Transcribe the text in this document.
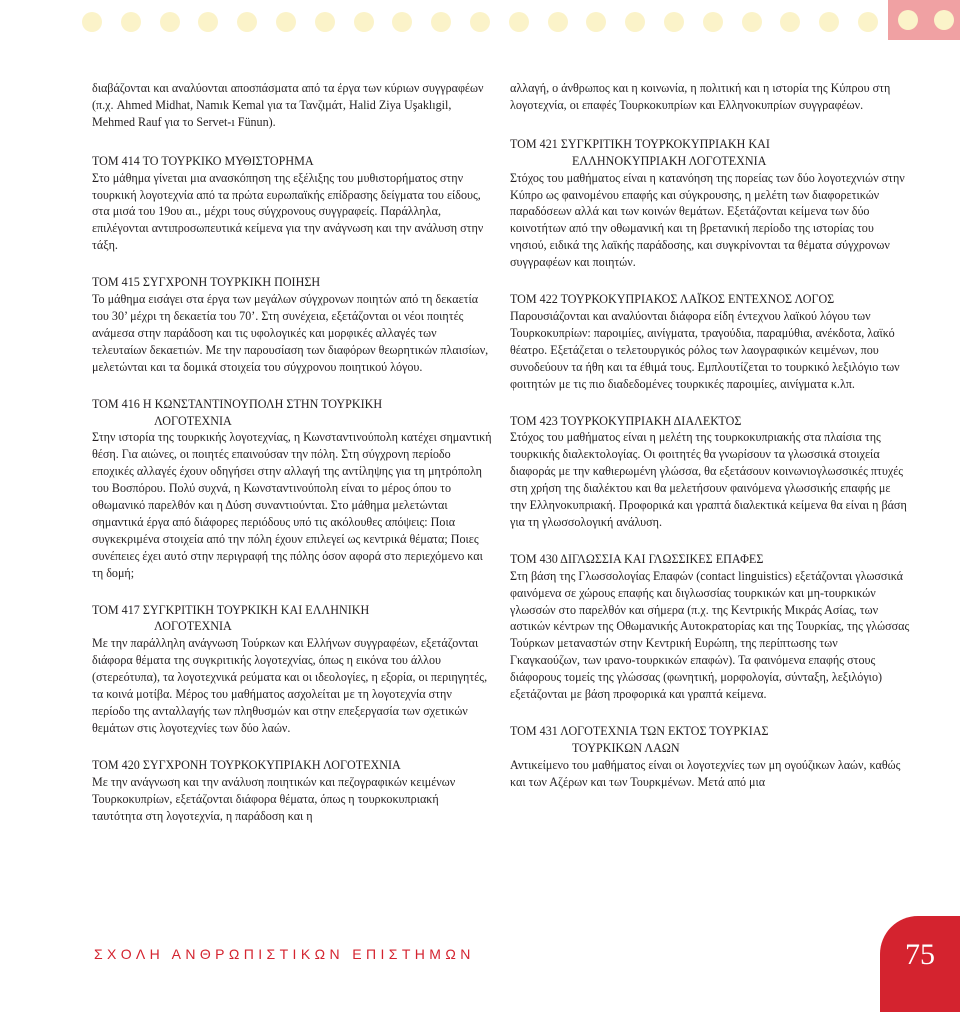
διαβάζονται και αναλύονται αποσπάσματα από τα έργα των κύριων συγγραφέων (π.χ. Ahmed Midhat, Namık Kemal για τα Τανζιμάτ, Halid Ziya Uşaklıgil, Mehmed Rauf για το Servet-ı Fünun).

ΤΟΜ 414 ΤΟ ΤΟΥΡΚΙΚΟ ΜΥΘΙΣΤΟΡΗΜΑ

Στο μάθημα γίνεται μια ανασκόπηση της εξέλιξης του μυθιστορήματος στην τουρκική λογοτεχνία από τα πρώτα ευρωπαϊκής επίδρασης δείγματα του είδους, στα μισά του 19ου αι., μέχρι τους σύγχρονους συγγραφείς. Παράλληλα, επιλέγονται αντιπροσωπευτικά κείμενα για την ανάγνωση και την ανάλυση στην τάξη.

ΤΟΜ 415 ΣΥΓΧΡΟΝΗ ΤΟΥΡΚΙΚΗ ΠΟΙΗΣΗ

Το μάθημα εισάγει στα έργα των μεγάλων σύγχρονων ποιητών από τη δεκαετία του 30’ μέχρι τη δεκαετία του 70’. Στη συνέχεια, εξετάζονται οι νέοι ποιητές ανάμεσα στην παράδοση και τις υφολογικές και μορφικές αλλαγές των τελευταίων δεκαετιών. Με την παρουσίαση των διαφόρων θεωρητικών πλαισίων, μελετώνται και τα δομικά στοιχεία του σύγχρονου ποιητικού λόγου.

ΤΟΜ 416 Η ΚΩΝΣΤΑΝΤΙΝΟΥΠΟΛΗ ΣΤΗΝ ΤΟΥΡΚΙΚΗ
ΛΟΓΟΤΕΧΝΙΑ

Στην ιστορία της τουρκικής λογοτεχνίας, η Κωνσταντινούπολη κατέχει σημαντική θέση. Για αιώνες, οι ποιητές επαινούσαν την πόλη. Στη σύγχρονη περίοδο εποχικές αλλαγές έχουν οδηγήσει στην αλλαγή της αντίληψης για τη μητρόπολη του Βοσπόρου. Πολύ συχνά, η Κωνσταντινούπολη είναι το μέρος όπου το οθωμανικό παρελθόν και η Δύση συναντιούνται. Στο μάθημα μελετώνται σημαντικά έργα από διάφορες περιόδους υπό τις ακόλουθες απόψεις: Ποια συγκεκριμένα στοιχεία από την πόλη έχουν επιλεγεί ως κεντρικά θέματα; Ποιες συνέπειες έχει αυτό στην περιγραφή της πόλης όσον αφορά στο περιεχόμενο και τη δομή;

ΤΟΜ 417 ΣΥΓΚΡΙΤΙΚΗ ΤΟΥΡΚΙΚΗ ΚΑΙ ΕΛΛΗΝΙΚΗ
ΛΟΓΟΤΕΧΝΙΑ

Με την παράλληλη ανάγνωση Τούρκων και Ελλήνων συγγραφέων, εξετάζονται διάφορα θέματα της συγκριτικής λογοτεχνίας, όπως η εικόνα του άλλου (στερεότυπα), τα λογοτεχνικά ρεύματα και οι ιδεολογίες, η εξορία, οι περιηγητές, τα κοινά μοτίβα. Μέρος του μαθήματος ασχολείται με τη λογοτεχνία στην περίοδο της ανταλλαγής των πληθυσμών και στην επεξεργασία των σχετικών θεμάτων στις λογοτεχνίες των δύο λαών.

ΤΟΜ 420 ΣΥΓΧΡΟΝΗ ΤΟΥΡΚΟΚΥΠΡΙΑΚΗ ΛΟΓΟΤΕΧΝΙΑ

Με την ανάγνωση και την ανάλυση ποιητικών και πεζογραφικών κειμένων Τουρκοκυπρίων, εξετάζονται διάφορα θέματα, όπως η τουρκοκυπριακή ταυτότητα στη λογοτεχνία, η παράδοση και η

αλλαγή, ο άνθρωπος και η κοινωνία, η πολιτική και η ιστορία της Κύπρου στη λογοτεχνία, οι επαφές Τουρκοκυπρίων και Ελληνοκυπρίων συγγραφέων.

ΤΟΜ 421 ΣΥΓΚΡΙΤΙΚΗ ΤΟΥΡΚΟΚΥΠΡΙΑΚΗ ΚΑΙ
ΕΛΛΗΝΟΚΥΠΡΙΑΚΗ ΛΟΓΟΤΕΧΝΙΑ

Στόχος του μαθήματος είναι η κατανόηση της πορείας των δύο λογοτεχνιών στην Κύπρο ως φαινομένου επαφής και σύγκρουσης, η μελέτη των διαφορετικών παραδόσεων αλλά και των κοινών θεμάτων. Εξετάζονται κείμενα των δύο κοινοτήτων από την οθωμανική και τη βρετανική περίοδο της ιστορίας του νησιού, ειδικά της λαϊκής παράδοσης, και συγκρίνονται τα θέματα σύγχρονων συγγραφέων και ποιητών.

ΤΟΜ 422 ΤΟΥΡΚΟΚΥΠΡΙΑΚΟΣ ΛΑΪΚΟΣ ΕΝΤΕΧΝΟΣ ΛΟΓΟΣ

Παρουσιάζονται και αναλύονται διάφορα είδη έντεχνου λαϊκού λόγου των Τουρκοκυπρίων: παροιμίες, αινίγματα, τραγούδια, παραμύθια, ανέκδοτα, λαϊκό θέατρο. Εξετάζεται ο τελετουργικός ρόλος των λαογραφικών κειμένων, που συνοδεύουν τα ήθη και τα έθιμά τους. Εμπλουτίζεται το τουρκικό λεξιλόγιο των φοιτητών με τις πιο διαδεδομένες τουρκικές παροιμίες, αινίγματα κ.λπ.

ΤΟΜ 423 ΤΟΥΡΚΟΚΥΠΡΙΑΚΗ ΔΙΑΛΕΚΤΟΣ

Στόχος του μαθήματος είναι η μελέτη της τουρκοκυπριακής στα πλαίσια της τουρκικής διαλεκτολογίας. Οι φοιτητές θα γνωρίσουν τα γλωσσικά στοιχεία διαφοράς με την καθιερωμένη γλώσσα, θα εξετάσουν κοινωνιογλωσσικές πτυχές στη χρήση της διαλέκτου και θα μελετήσουν φαινόμενα γλωσσικής επαφής με την Ελληνοκυπριακή. Προφορικά και γραπτά διαλεκτικά κείμενα θα είναι η βάση για τη γλωσσολογική ανάλυση.

ΤΟΜ 430 ΔΙΓΛΩΣΣΙΑ ΚΑΙ ΓΛΩΣΣΙΚΕΣ ΕΠΑΦΕΣ

Στη βάση της Γλωσσολογίας Επαφών (contact linguistics) εξετάζονται γλωσσικά φαινόμενα σε χώρους επαφής και διγλωσσίας τουρκικών και μη-τουρκικών γλωσσών στο παρελθόν και σήμερα (π.χ. της Κεντρικής Μικράς Ασίας, των αστικών κέντρων της Οθωμανικής Αυτοκρατορίας και της Τουρκίας, της γλώσσας Τούρκων μεταναστών στην Κεντρική Ευρώπη, της περίπτωσης των Γκαγκαούζων, των ιρανο-τουρκικών επαφών). Τα φαινόμενα επαφής στους διάφορους τομείς της γλώσσας (φωνητική, μορφολογία, σύνταξη, λεξιλόγιο) εξετάζονται με βάση προφορικά και γραπτά κείμενα.

ΤΟΜ 431 ΛΟΓΟΤΕΧΝΙΑ ΤΩΝ ΕΚΤΟΣ ΤΟΥΡΚΙΑΣ
ΤΟΥΡΚΙΚΩΝ ΛΑΩΝ

Αντικείμενο του μαθήματος είναι οι λογοτεχνίες των μη ογούζικων λαών, καθώς και των Αζέρων και των Τουρκμένων. Μετά από μια

ΣΧΟΛΗ ΑΝΘΡΩΠΙΣΤΙΚΩΝ ΕΠΙΣΤΗΜΩΝ	75
